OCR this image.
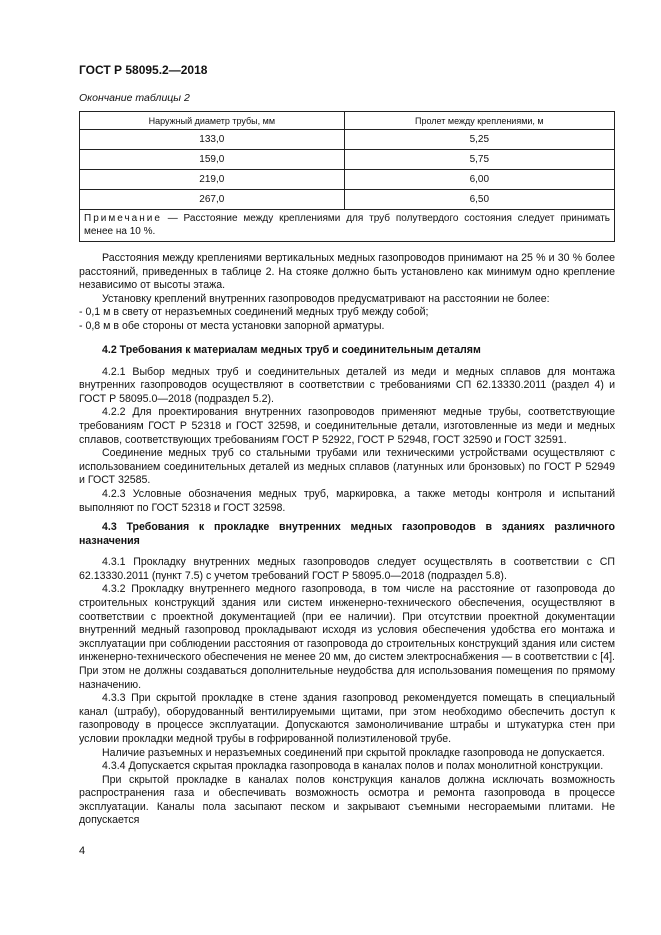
ГОСТ Р 58095.2—2018
Окончание таблицы 2
Наружный диаметр трубы, мм	Пролет между креплениями, м
133,0	5,25
159,0	5,75
219,0	6,00
267,0	6,50
Примечание — Расстояние между креплениями для труб полутвердого состояния следует принимать менее на 10 %.	

Расстояния между креплениями вертикальных медных газопроводов принимают на 25 % и 30 % более расстояний, приведенных в таблице 2. На стояке должно быть установлено как минимум одно крепление независимо от высоты этажа.

Установку креплений внутренних газопроводов предусматривают на расстоянии не более:

- 0,1 м в свету от неразъемных соединений медных труб между собой;

- 0,8 м в обе стороны от места установки запорной арматуры.

4.2 Требования к материалам медных труб и соединительным деталям

4.2.1 Выбор медных труб и соединительных деталей из меди и медных сплавов для монтажа внутренних газопроводов осуществляют в соответствии с требованиями СП 62.13330.2011 (раздел 4) и ГОСТ Р 58095.0—2018 (подраздел 5.2).

4.2.2 Для проектирования внутренних газопроводов применяют медные трубы, соответствующие требованиям ГОСТ Р 52318 и ГОСТ 32598, и соединительные детали, изготовленные из меди и медных сплавов, соответствующих требованиям ГОСТ Р 52922, ГОСТ Р 52948, ГОСТ 32590 и ГОСТ 32591.

Соединение медных труб со стальными трубами или техническими устройствами осуществляют с использованием соединительных деталей из медных сплавов (латунных или бронзовых) по ГОСТ Р 52949 и ГОСТ 32585.

4.2.3 Условные обозначения медных труб, маркировка, а также методы контроля и испытаний выполняют по ГОСТ 52318 и ГОСТ 32598.

4.3 Требования к прокладке внутренних медных газопроводов в зданиях различного назначения

4.3.1 Прокладку внутренних медных газопроводов следует осуществлять в соответствии с СП 62.13330.2011 (пункт 7.5) с учетом требований ГОСТ Р 58095.0—2018 (подраздел 5.8).

4.3.2 Прокладку внутреннего медного газопровода, в том числе на расстояние от газопровода до строительных конструкций здания или систем инженерно-технического обеспечения, осуществляют в соответствии с проектной документацией (при ее наличии). При отсутствии проектной документации внутренний медный газопровод прокладывают исходя из условия обеспечения удобства его монтажа и эксплуатации при соблюдении расстояния от газопровода до строительных конструкций здания или систем инженерно-технического обеспечения не менее 20 мм, до систем электроснабжения — в соответствии с [4]. При этом не должны создаваться дополнительные неудобства для использования помещения по прямому назначению.

4.3.3 При скрытой прокладке в стене здания газопровод рекомендуется помещать в специальный канал (штрабу), оборудованный вентилируемыми щитами, при этом необходимо обеспечить доступ к газопроводу в процессе эксплуатации. Допускаются замоноличивание штрабы и штукатурка стен при условии прокладки медной трубы в гофрированной полиэтиленовой трубе.

Наличие разъемных и неразъемных соединений при скрытой прокладке газопровода не допускается.

4.3.4 Допускается скрытая прокладка газопровода в каналах полов и полах монолитной конструкции.

При скрытой прокладке в каналах полов конструкция каналов должна исключать возможность распространения газа и обеспечивать возможность осмотра и ремонта газопровода в процессе эксплуатации. Каналы пола засыпают песком и закрывают съемными несгораемыми плитами. Не допускается

4
